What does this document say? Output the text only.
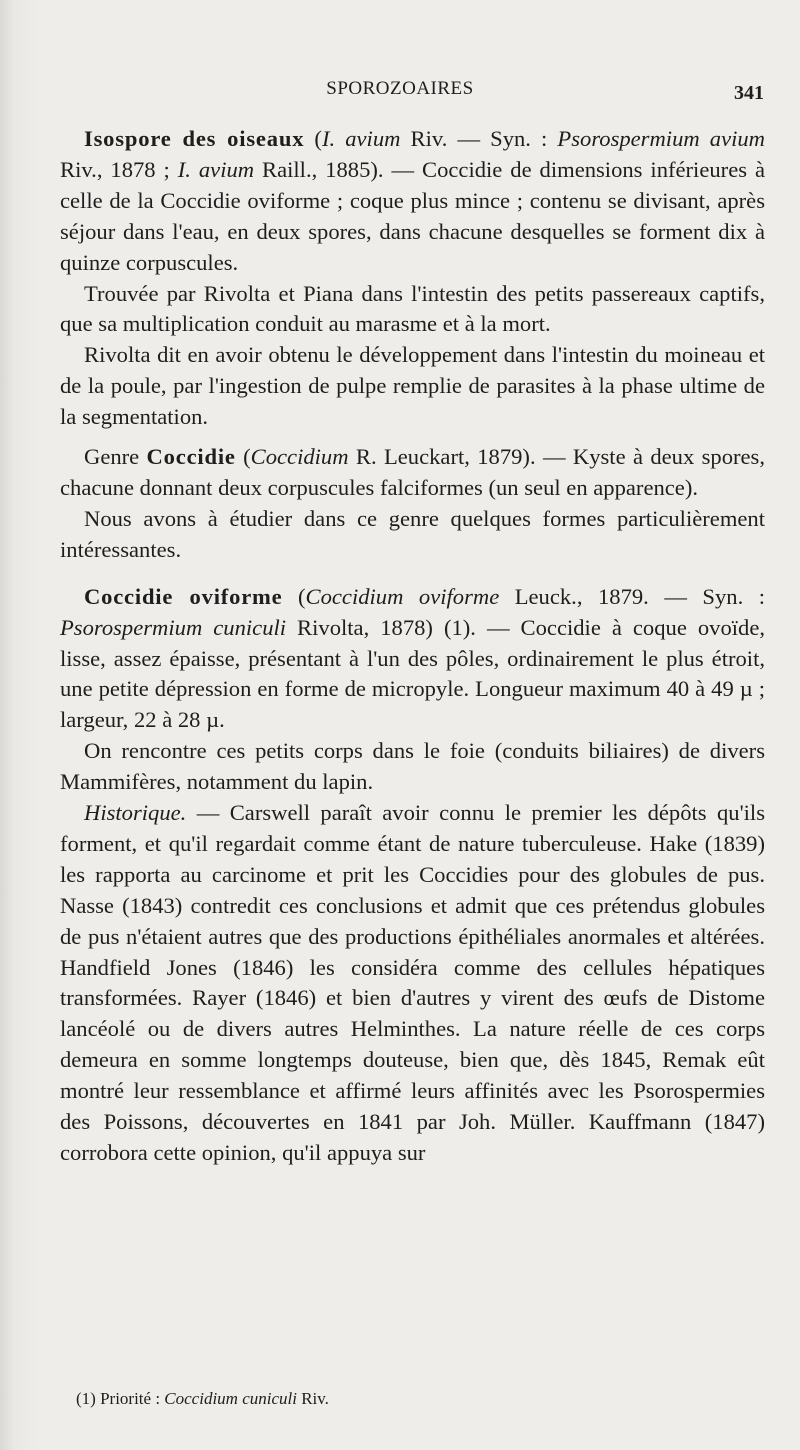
SPOROZOAIRES	341

Isospore des oiseaux (I. avium Riv. — Syn. : Psorospermium avium Riv., 1878 ; I. avium Raill., 1885). — Coccidie de dimensions inférieures à celle de la Coccidie oviforme ; coque plus mince ; contenu se divisant, après séjour dans l'eau, en deux spores, dans chacune desquelles se forment dix à quinze corpuscules.

Trouvée par Rivolta et Piana dans l'intestin des petits passereaux captifs, que sa multiplication conduit au marasme et à la mort.

Rivolta dit en avoir obtenu le développement dans l'intestin du moineau et de la poule, par l'ingestion de pulpe remplie de parasites à la phase ultime de la segmentation.

Genre Coccidie (Coccidium R. Leuckart, 1879). — Kyste à deux spores, chacune donnant deux corpuscules falciformes (un seul en apparence).

Nous avons à étudier dans ce genre quelques formes particulièrement intéressantes.

Coccidie oviforme (Coccidium oviforme Leuck., 1879. — Syn. : Psorospermium cuniculi Rivolta, 1878) (1). — Coccidie à coque ovoïde, lisse, assez épaisse, présentant à l'un des pôles, ordinairement le plus étroit, une petite dépression en forme de micropyle. Longueur maximum 40 à 49 µ ; largeur, 22 à 28 µ.

On rencontre ces petits corps dans le foie (conduits biliaires) de divers Mammifères, notamment du lapin.

Historique. — Carswell paraît avoir connu le premier les dépôts qu'ils forment, et qu'il regardait comme étant de nature tuberculeuse. Hake (1839) les rapporta au carcinome et prit les Coccidies pour des globules de pus. Nasse (1843) contredit ces conclusions et admit que ces prétendus globules de pus n'étaient autres que des productions épithéliales anormales et altérées. Handfield Jones (1846) les considéra comme des cellules hépatiques transformées. Rayer (1846) et bien d'autres y virent des œufs de Distome lancéolé ou de divers autres Helminthes. La nature réelle de ces corps demeura en somme longtemps douteuse, bien que, dès 1845, Remak eût montré leur ressemblance et affirmé leurs affinités avec les Psorospermies des Poissons, découvertes en 1841 par Joh. Müller. Kauffmann (1847) corrobora cette opinion, qu'il appuya sur

(1) Priorité : Coccidium cuniculi Riv.
